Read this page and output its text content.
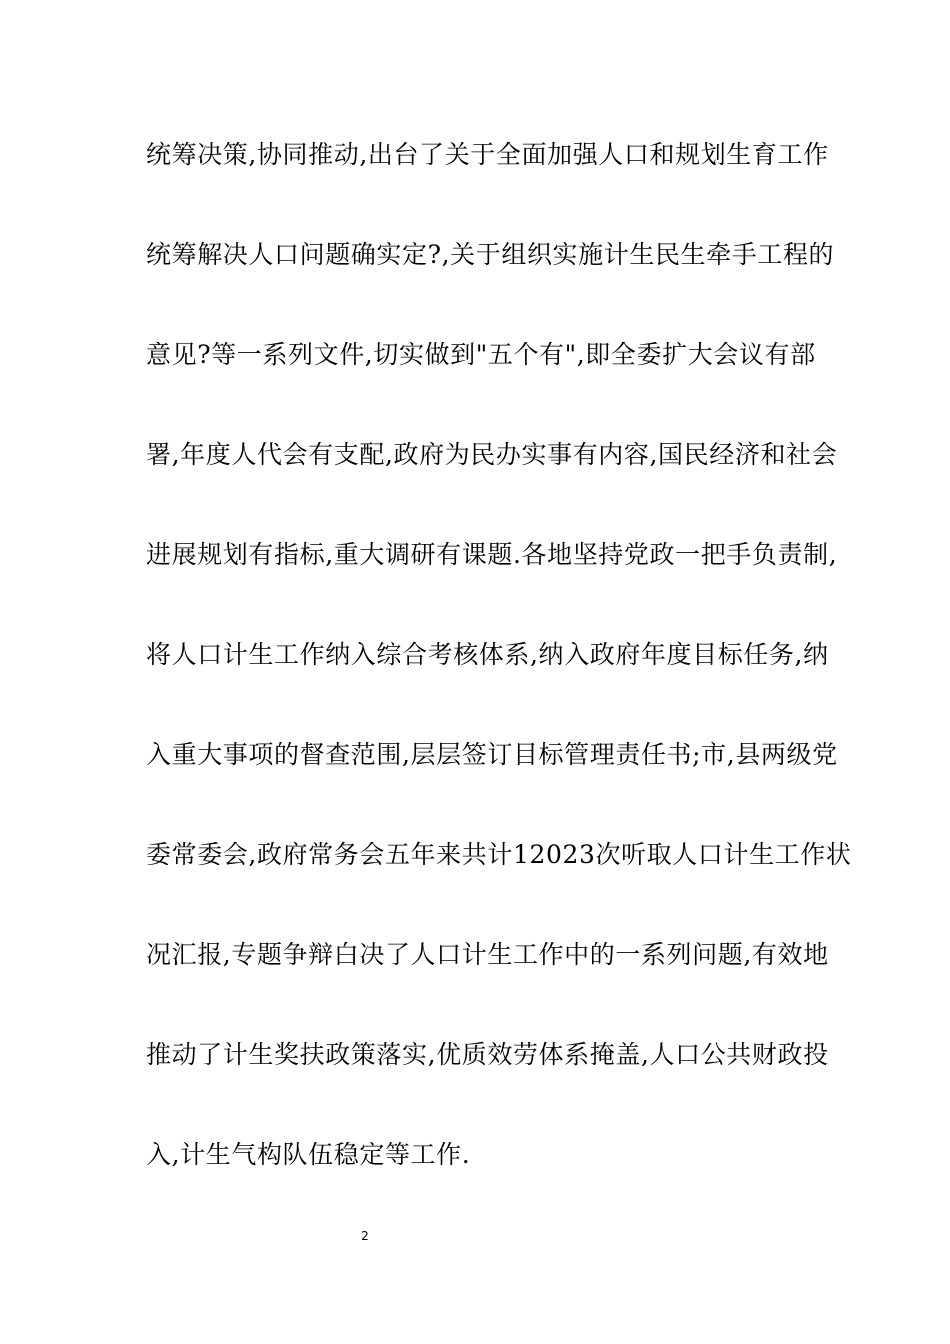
统筹决策,协同推动,出台了关于全面加强人口和规划生育工作
统筹解决人口问题确实定?,关于组织实施计生民生牵手工程的
意见?等一系列文件,切实做到"五个有",即全委扩大会议有部
署,年度人代会有支配,政府为民办实事有内容,国民经济和社会
进展规划有指标,重大调研有课题.各地坚持党政一把手负责制,
将人口计生工作纳入综合考核体系,纳入政府年度目标任务,纳
入重大事项的督查范围,层层签订目标管理责任书;市,县两级党
委常委会,政府常务会五年来共计12023次听取人口计生工作状
况汇报,专题争辩白决了人口计生工作中的一系列问题,有效地
推动了计生奖扶政策落实,优质效劳体系掩盖,人口公共财政投
入,计生气构队伍稳定等工作.
2
